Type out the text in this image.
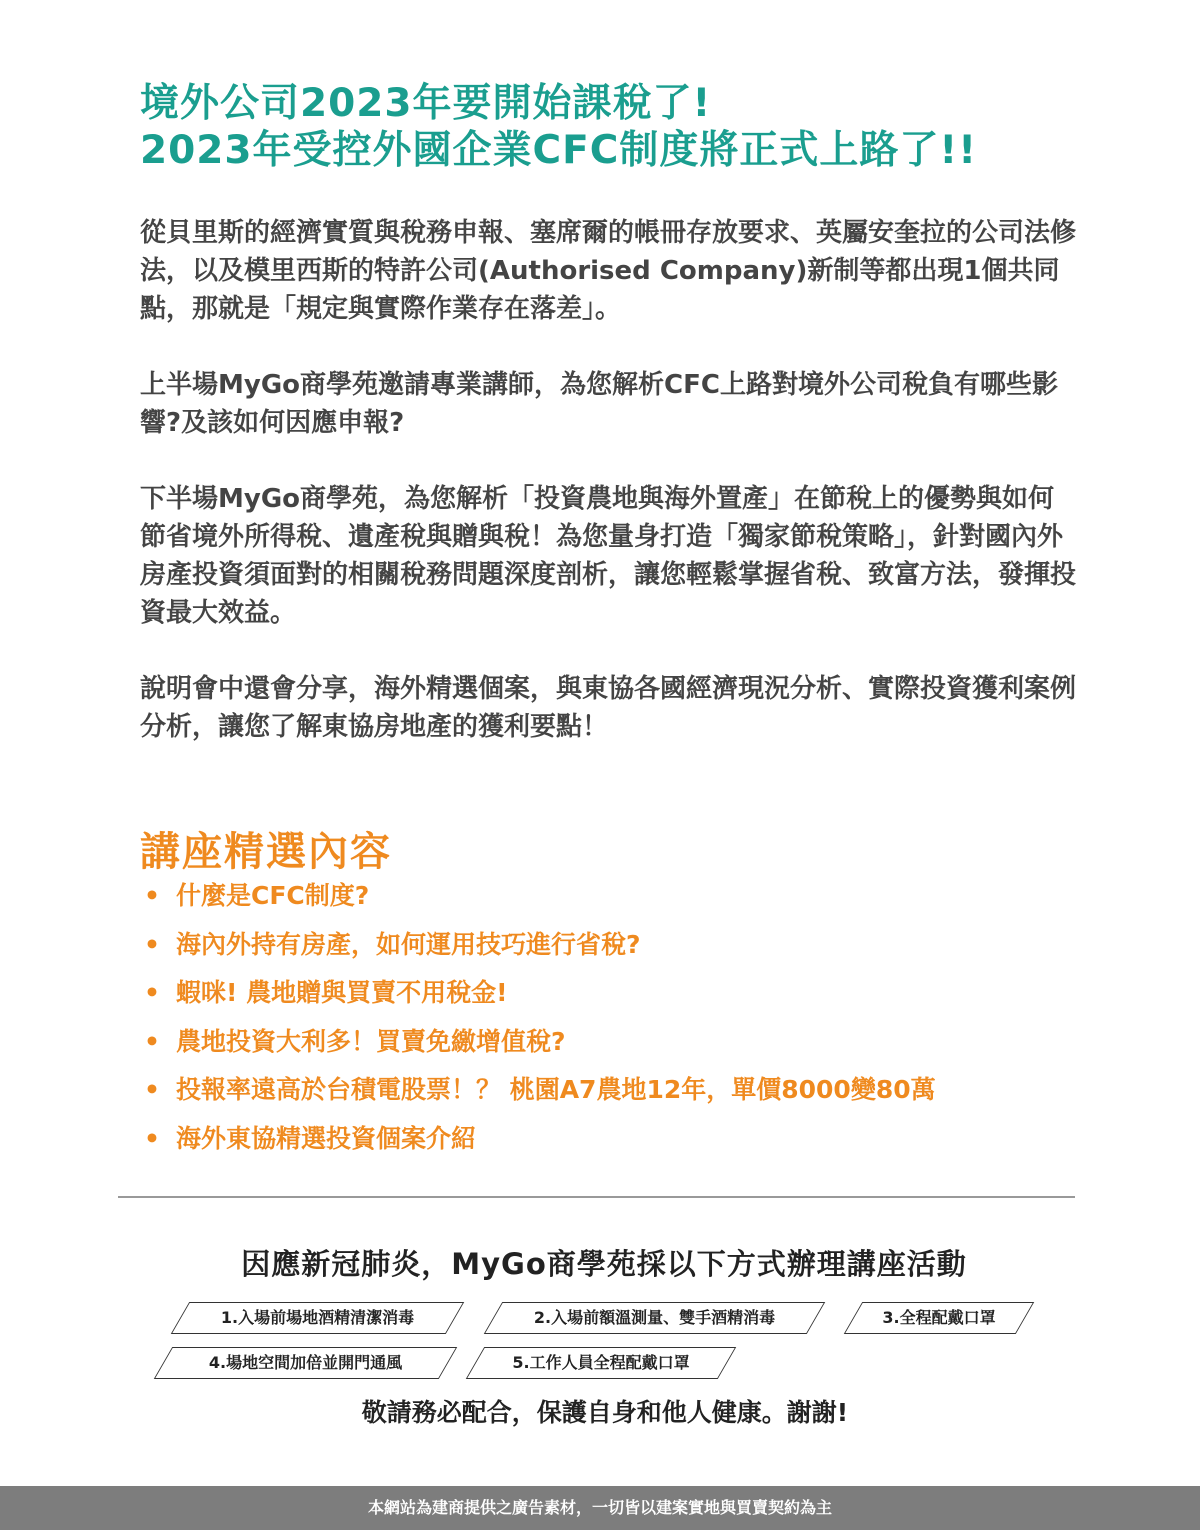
境外公司2023年要開始課稅了!
2023年受控外國企業CFC制度將正式上路了!!

從貝里斯的經濟實質與稅務申報、塞席爾的帳冊存放要求、英屬安奎拉的公司法修法，以及模里西斯的特許公司(Authorised Company)新制等都出現1個共同點，那就是「規定與實際作業存在落差」。

上半場MyGo商學苑邀請專業講師，為您解析CFC上路對境外公司稅負有哪些影響?及該如何因應申報?

下半場MyGo商學苑，為您解析「投資農地與海外置產」在節稅上的優勢與如何節省境外所得稅、遺產稅與贈與稅！為您量身打造「獨家節稅策略」，針對國內外房產投資須面對的相關稅務問題深度剖析，讓您輕鬆掌握省稅、致富方法，發揮投資最大效益。

說明會中還會分享，海外精選個案，與東協各國經濟現況分析、實際投資獲利案例分析，讓您了解東協房地產的獲利要點！

講座精選內容
• 什麼是CFC制度?
• 海內外持有房產，如何運用技巧進行省稅?
• 蝦咪! 農地贈與買賣不用稅金!
• 農地投資大利多！買賣免繳增值稅?
• 投報率遠高於台積電股票！？ 桃園A7農地12年，單價8000變80萬
• 海外東協精選投資個案介紹
因應新冠肺炎，MyGo商學苑採以下方式辦理講座活動
1.入場前場地酒精清潔消毒	2.入場前額溫測量、雙手酒精消毒	3.全程配戴口罩
4.場地空間加倍並開門通風	5.工作人員全程配戴口罩
敬請務必配合，保護自身和他人健康。謝謝!
本網站為建商提供之廣告素材，一切皆以建案實地與買賣契約為主
